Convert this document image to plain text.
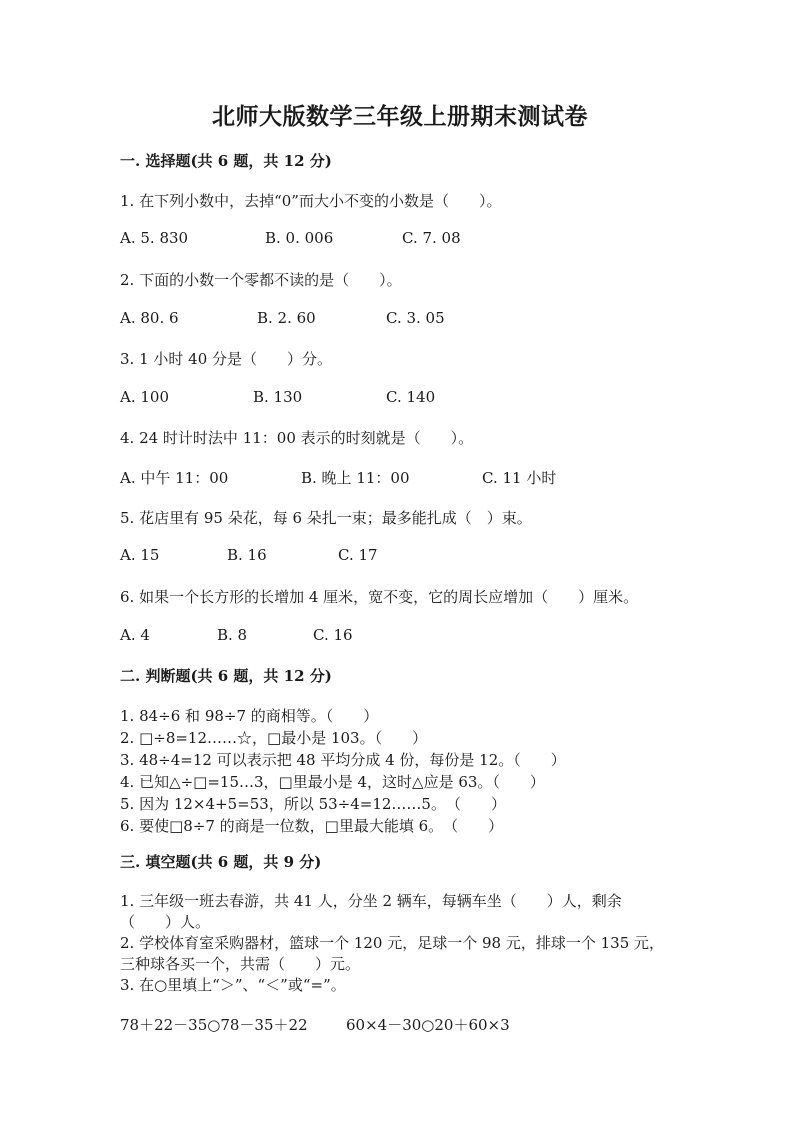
北师大版数学三年级上册期末测试卷
一. 选择题(共 6 题，共 12 分)
1. 在下列小数中，去掉“0”而大小不变的小数是（　　）。
A. 5. 830	B. 0. 006	C. 7. 08
2. 下面的小数一个零都不读的是（　　）。
A. 80. 6	B. 2. 60	C. 3. 05
3. 1 小时 40 分是（　　）分。
A. 100	B. 130	C. 140
4. 24 时计时法中 11：00 表示的时刻就是（　　）。
A. 中午 11：00	B. 晚上 11：00	C. 11 小时
5. 花店里有 95 朵花，每 6 朵扎一束；最多能扎成（　）束。
A. 15	B. 16	C. 17
6. 如果一个长方形的长增加 4 厘米，宽不变，它的周长应增加（　　）厘米。
A. 4	B. 8	C. 16
二. 判断题(共 6 题，共 12 分)
1. 84÷6 和 98÷7 的商相等。（　　）
2. □÷8=12……☆，□最小是 103。（　　）
3. 48÷4=12 可以表示把 48 平均分成 4 份，每份是 12。（　　）
4. 已知△÷□=15…3，□里最小是 4，这时△应是 63。（　　）
5. 因为 12×4+5=53，所以 53÷4=12……5。　（　　）
6. 要使□8÷7 的商是一位数，□里最大能填 6。　（　　）
三. 填空题(共 6 题，共 9 分)
1. 三年级一班去春游，共 41 人，分坐 2 辆车，每辆车坐（　　）人，剩余
（　　）人。
2. 学校体育室采购器材，篮球一个 120 元，足球一个 98 元，排球一个 135 元，
三种球各买一个，共需（　　）元。
3. 在○里填上“＞”、“＜”或“=”。
78＋22－35○78－35＋22	60×4－30○20＋60×3
